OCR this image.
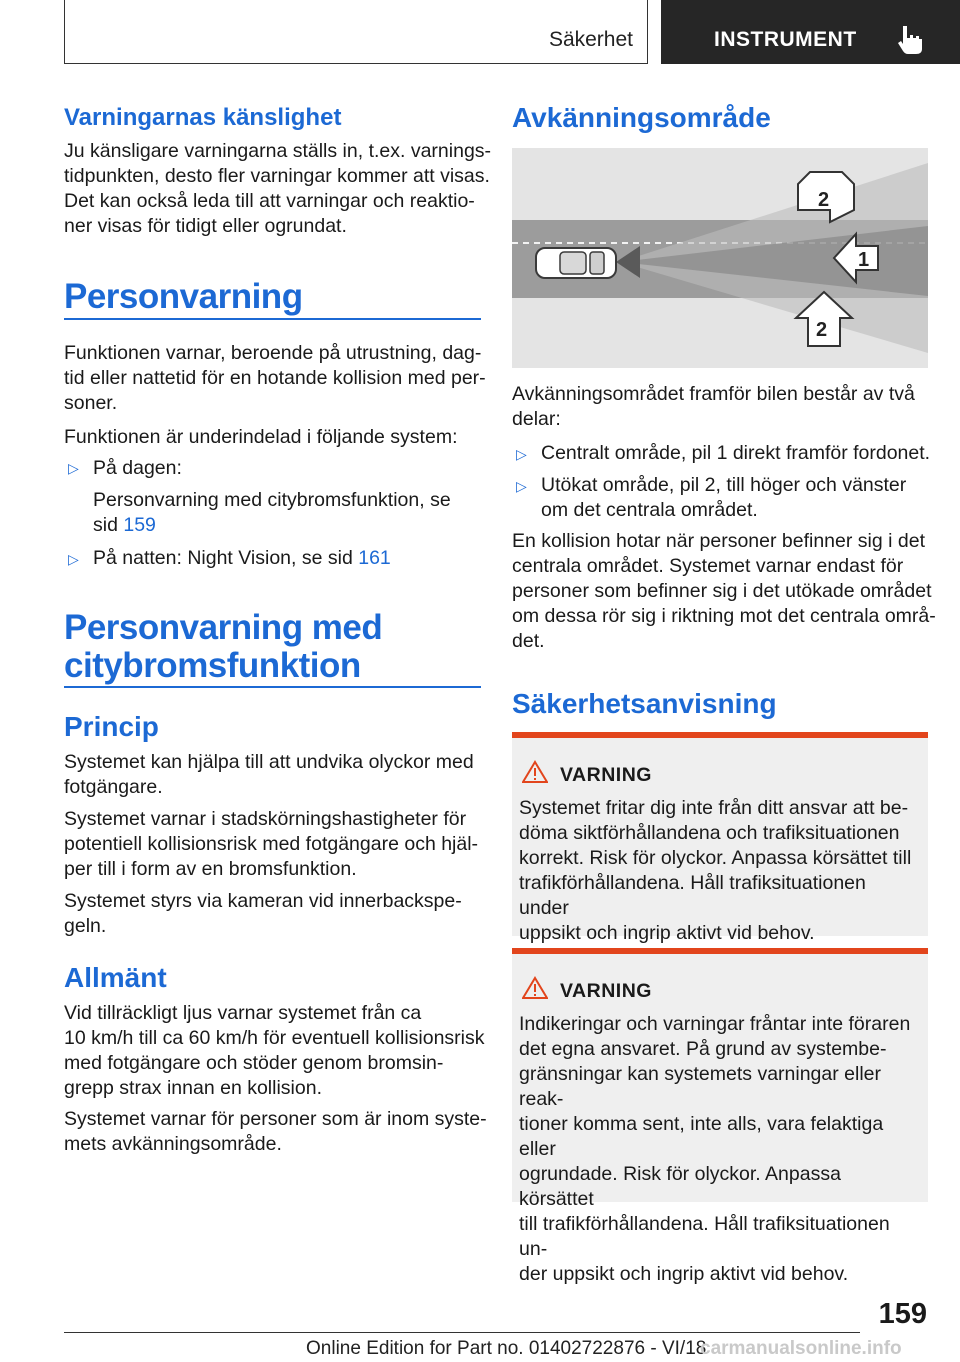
Säkerhet	INSTRUMENT
Varningarnas känslighet
Ju känsligare varningarna ställs in, t.ex. varnings-
tidpunkten, desto fler varningar kommer att visas.
Det kan också leda till att varningar och reaktio-
ner visas för tidigt eller ogrundat.
Personvarning
Funktionen varnar, beroende på utrustning, dag-
tid eller nattetid för en hotande kollision med per-
soner.
Funktionen är underindelad i följande system:
▷ På dagen:
Personvarning med citybromsfunktion, se
sid 159
▷ På natten: Night Vision, se sid 161
Personvarning med
citybromsfunktion
Princip
Systemet kan hjälpa till att undvika olyckor med
fotgängare.
Systemet varnar i stadskörningshastigheter för
potentiell kollisionsrisk med fotgängare och hjäl-
per till i form av en bromsfunktion.
Systemet styrs via kameran vid innerbackspe-
geln.
Allmänt
Vid tillräckligt ljus varnar systemet från ca
10 km/h till ca 60 km/h för eventuell kollisionsrisk
med fotgängare och stöder genom bromsin-
grepp strax innan en kollision.
Systemet varnar för personer som är inom syste-
mets avkänningsområde.
Avkänningsområde
1
2
2
Avkänningsområdet framför bilen består av två
delar:
▷ Centralt område, pil 1 direkt framför fordonet.
▷ Utökat område, pil 2, till höger och vänster
om det centrala området.
En kollision hotar när personer befinner sig i det
centrala området. Systemet varnar endast för
personer som befinner sig i det utökade området
om dessa rör sig i riktning mot det centrala områ-
det.
Säkerhetsanvisning
VARNING
Systemet fritar dig inte från ditt ansvar att be-
döma siktförhållandena och trafiksituationen
korrekt. Risk för olyckor. Anpassa körsättet till
trafikförhållandena. Håll trafiksituationen under
uppsikt och ingrip aktivt vid behov.
VARNING
Indikeringar och varningar fråntar inte föraren
det egna ansvaret. På grund av systembe-
gränsningar kan systemets varningar eller reak-
tioner komma sent, inte alls, vara felaktiga eller
ogrundade. Risk för olyckor. Anpassa körsättet
till trafikförhållandena. Håll trafiksituationen un-
der uppsikt och ingrip aktivt vid behov.
159
Online Edition for Part no. 01402722876 - VI/18
carmanualsonline.info
